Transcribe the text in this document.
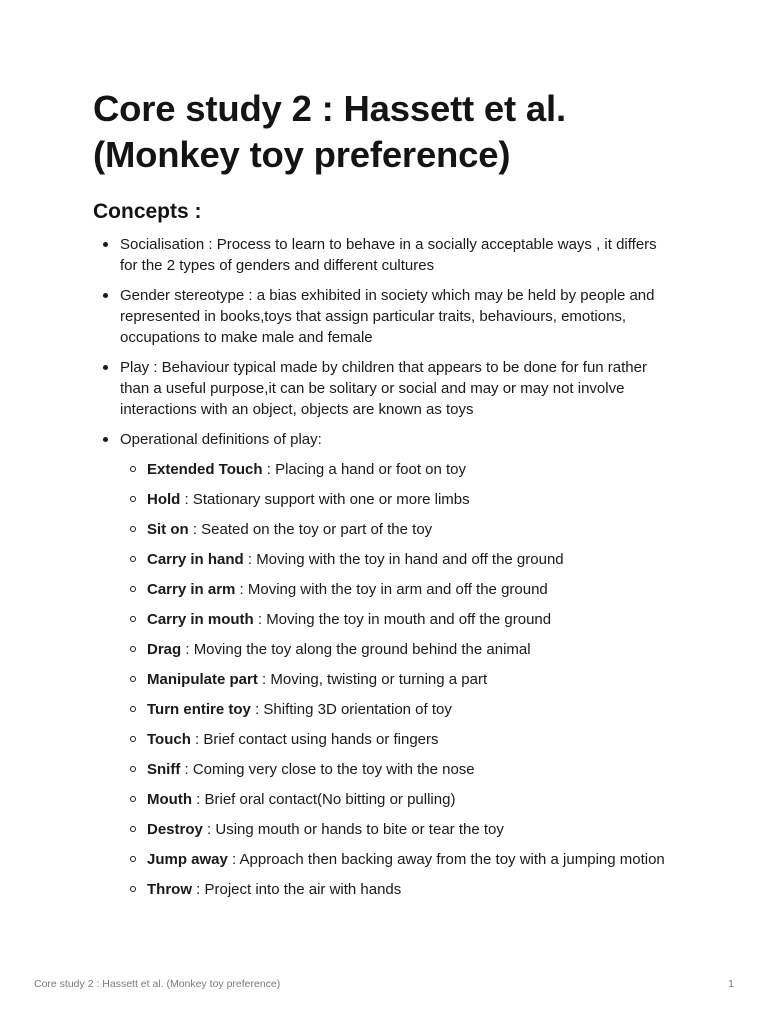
Core study 2 : Hassett et al.
(Monkey toy preference)
Concepts :
Socialisation : Process to learn to behave in a socially acceptable ways , it differs for the 2 types of genders and different cultures
Gender stereotype : a bias exhibited in society which may be held by people and represented in books,toys that assign particular traits, behaviours, emotions, occupations to make male and female
Play : Behaviour typical made by children that appears to be done for fun rather than a useful purpose,it can be solitary or social and may or may not involve interactions with an object, objects are known as toys
Operational definitions of play:
Extended Touch : Placing a hand or foot on toy
Hold : Stationary support with one or more limbs
Sit on : Seated on the toy or part of the toy
Carry in hand : Moving with the toy in hand and off the ground
Carry in arm : Moving with the toy in arm and off the ground
Carry in mouth : Moving the toy in mouth and off the ground
Drag : Moving the toy along the ground behind the animal
Manipulate part : Moving, twisting or turning a part
Turn entire toy : Shifting 3D orientation of toy
Touch : Brief contact using hands or fingers
Sniff : Coming very close to the toy with the nose
Mouth : Brief oral contact(No bitting or pulling)
Destroy : Using mouth or hands to bite or tear the toy
Jump away : Approach then backing away from the toy with a jumping motion
Throw : Project into the air with hands
Core study 2 : Hassett et al. (Monkey toy preference)	1
